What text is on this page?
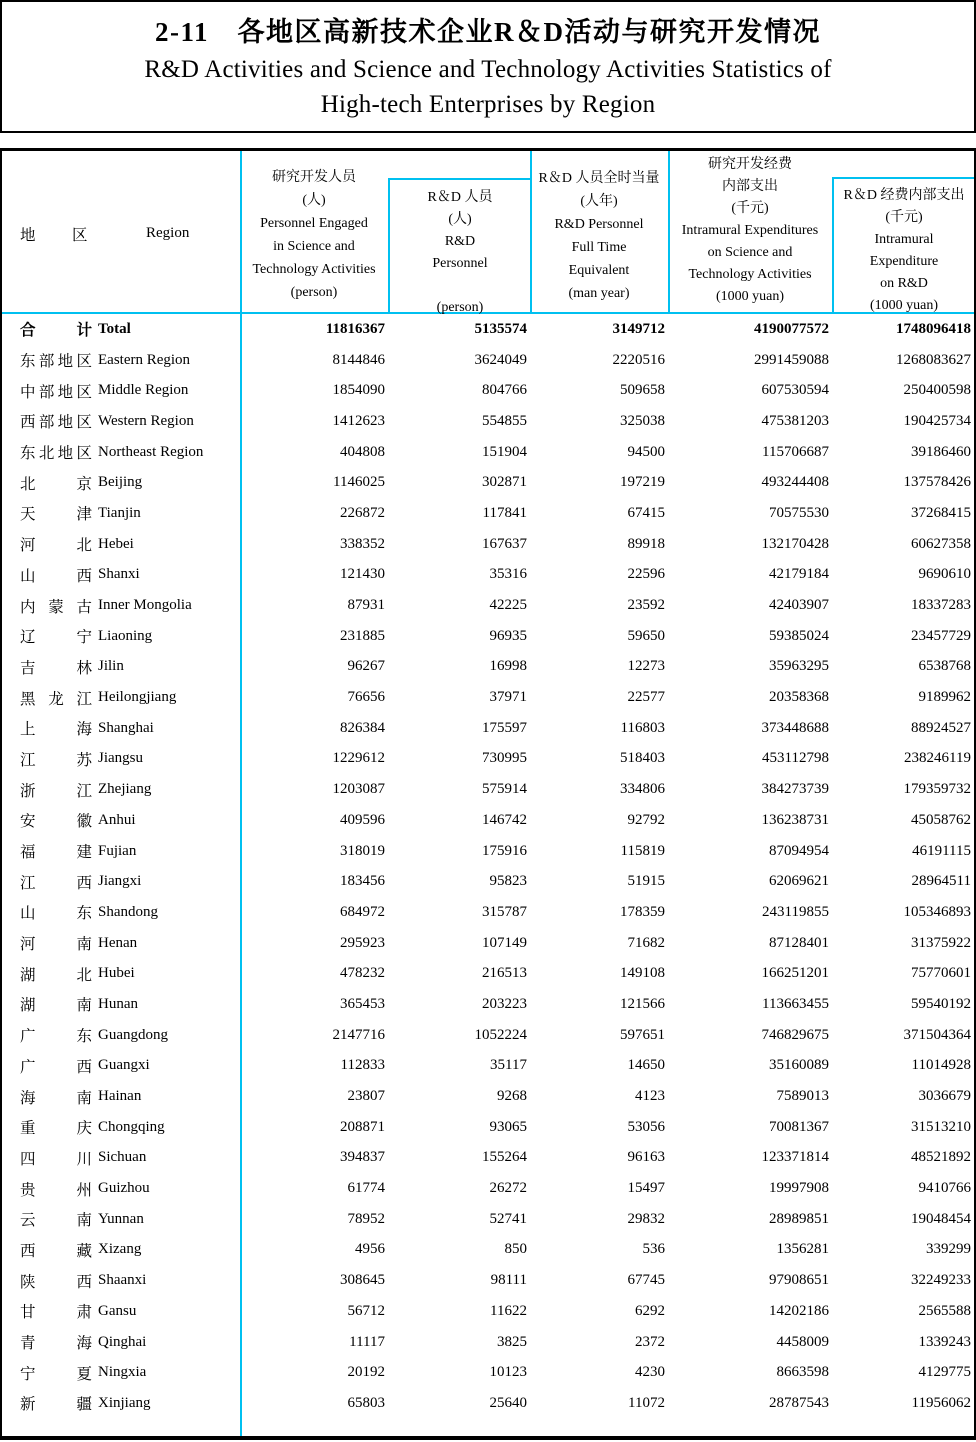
2-11　各地区高新技术企业R＆D活动与研究开发情况
R&D Activities and Science and Technology Activities Statistics of
High-tech Enterprises by Region
地 区	Region
研究开发人员
(人)
Personnel Engaged
in Science and
Technology Activities
(person)
R＆D 人员
(人)
R&D
Personnel

(person)
R＆D 人员全时当量
(人年)
R&D Personnel
Full Time
Equivalent
(man year)
研究开发经费
内部支出
(千元)
Intramural Expenditures
on Science and
Technology Activities
(1000 yuan)
R＆D 经费内部支出
(千元)
Intramural
Expenditure
on R&D
(1000 yuan)
合	计 Total	11816367	5135574	3149712	4190077572	1748096418
东 部 地 区 Eastern Region	8144846	3624049	2220516	2991459088	1268083627
中 部 地 区 Middle Region	1854090	804766	509658	607530594	250400598
西 部 地 区 Western Region	1412623	554855	325038	475381203	190425734
东 北 地 区 Northeast Region	404808	151904	94500	115706687	39186460
北	京 Beijing	1146025	302871	197219	493244408	137578426
天	津 Tianjin	226872	117841	67415	70575530	37268415
河	北 Hebei	338352	167637	89918	132170428	60627358
山	西 Shanxi	121430	35316	22596	42179184	9690610
内 蒙 古 Inner Mongolia	87931	42225	23592	42403907	18337283
辽	宁 Liaoning	231885	96935	59650	59385024	23457729
吉	林 Jilin	96267	16998	12273	35963295	6538768
黑 龙 江 Heilongjiang	76656	37971	22577	20358368	9189962
上	海 Shanghai	826384	175597	116803	373448688	88924527
江	苏 Jiangsu	1229612	730995	518403	453112798	238246119
浙	江 Zhejiang	1203087	575914	334806	384273739	179359732
安	徽 Anhui	409596	146742	92792	136238731	45058762
福	建 Fujian	318019	175916	115819	87094954	46191115
江	西 Jiangxi	183456	95823	51915	62069621	28964511
山	东 Shandong	684972	315787	178359	243119855	105346893
河	南 Henan	295923	107149	71682	87128401	31375922
湖	北 Hubei	478232	216513	149108	166251201	75770601
湖	南 Hunan	365453	203223	121566	113663455	59540192
广	东 Guangdong	2147716	1052224	597651	746829675	371504364
广	西 Guangxi	112833	35117	14650	35160089	11014928
海	南 Hainan	23807	9268	4123	7589013	3036679
重	庆 Chongqing	208871	93065	53056	70081367	31513210
四	川 Sichuan	394837	155264	96163	123371814	48521892
贵	州 Guizhou	61774	26272	15497	19997908	9410766
云	南 Yunnan	78952	52741	29832	28989851	19048454
西	藏 Xizang	4956	850	536	1356281	339299
陕	西 Shaanxi	308645	98111	67745	97908651	32249233
甘	肃 Gansu	56712	11622	6292	14202186	2565588
青	海 Qinghai	11117	3825	2372	4458009	1339243
宁	夏 Ningxia	20192	10123	4230	8663598	4129775
新	疆 Xinjiang	65803	25640	11072	28787543	11956062
